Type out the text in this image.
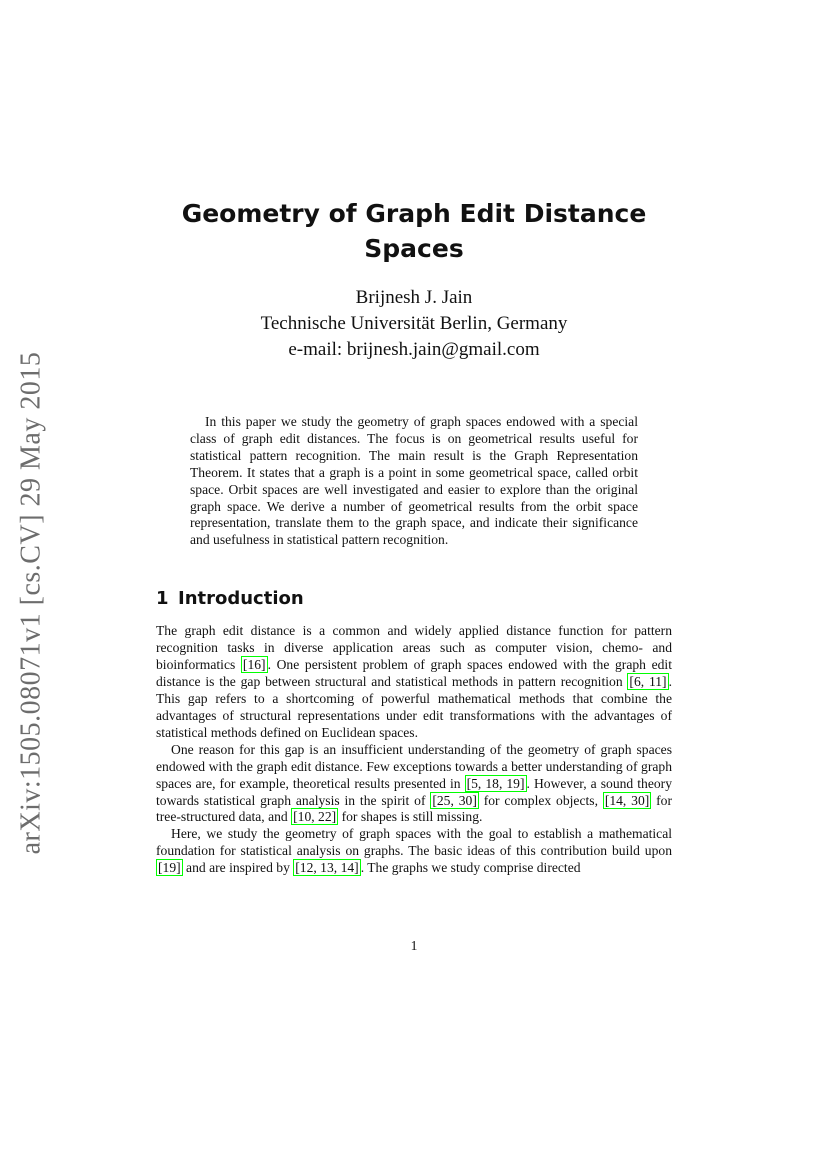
arXiv:1505.08071v1 [cs.CV] 29 May 2015
Geometry of Graph Edit Distance
Spaces
Brijnesh J. Jain
Technische Universität Berlin, Germany
e-mail: brijnesh.jain@gmail.com

In this paper we study the geometry of graph spaces endowed with a special class of graph edit distances. The focus is on geometrical results useful for statistical pattern recognition. The main result is the Graph Representation Theorem. It states that a graph is a point in some geometrical space, called orbit space. Orbit spaces are well investigated and easier to explore than the original graph space. We derive a number of geometrical results from the orbit space representation, translate them to the graph space, and indicate their significance and usefulness in statistical pattern recognition.

1 Introduction

The graph edit distance is a common and widely applied distance function for pattern recognition tasks in diverse application areas such as computer vision, chemo- and bioinformatics [16] . One persistent problem of graph spaces endowed with the graph edit distance is the gap between structural and statistical methods in pattern recognition [6, 11] . This gap refers to a shortcoming of powerful mathematical methods that combine the advantages of structural representations under edit transformations with the advantages of statistical methods defined on Euclidean spaces.

One reason for this gap is an insufficient understanding of the geometry of graph spaces endowed with the graph edit distance. Few exceptions towards a better understanding of graph spaces are, for example, theoretical results presented in [5, 18, 19] . However, a sound theory towards statistical graph analysis in the spirit of [25, 30] for complex objects, [14, 30] for tree-structured data, and [10, 22] for shapes is still missing.

Here, we study the geometry of graph spaces with the goal to establish a mathematical foundation for statistical analysis on graphs. The basic ideas of this contribution build upon [19] and are inspired by [12, 13, 14] . The graphs we study comprise directed

1
